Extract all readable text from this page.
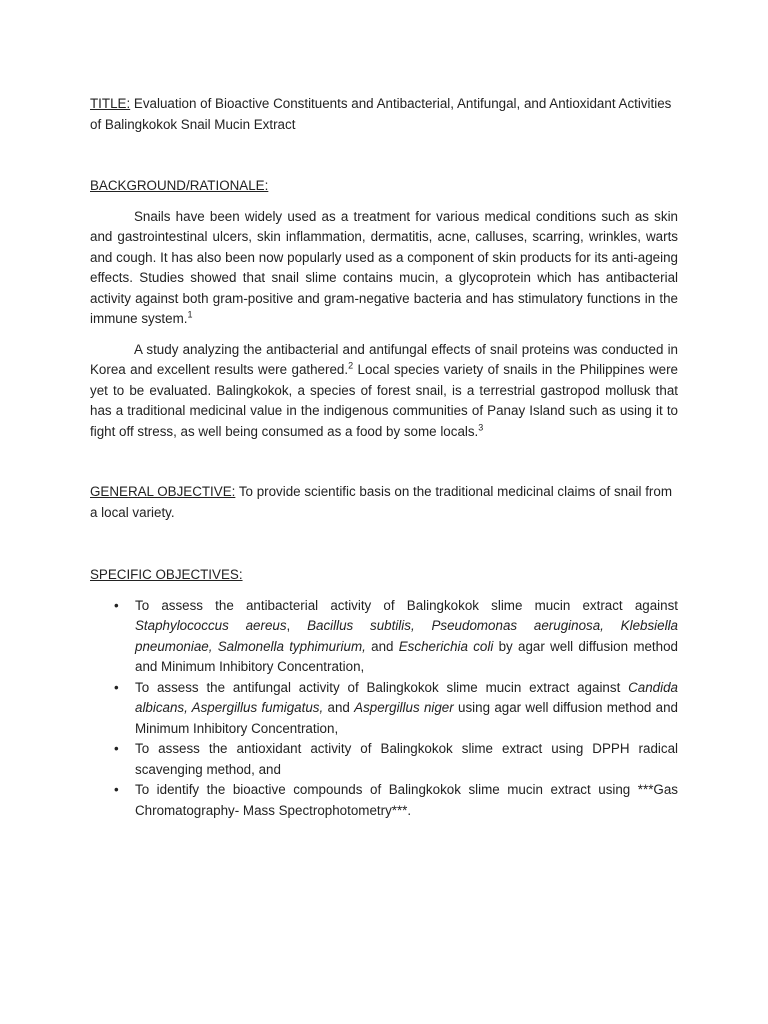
TITLE: Evaluation of Bioactive Constituents and Antibacterial, Antifungal, and Antioxidant Activities of Balingkokok Snail Mucin Extract

BACKGROUND/RATIONALE:

Snails have been widely used as a treatment for various medical conditions such as skin and gastrointestinal ulcers, skin inflammation, dermatitis, acne, calluses, scarring, wrinkles, warts and cough. It has also been now popularly used as a component of skin products for its anti-ageing effects. Studies showed that snail slime contains mucin, a glycoprotein which has antibacterial activity against both gram-positive and gram-negative bacteria and has stimulatory functions in the immune system.$^1$

A study analyzing the antibacterial and antifungal effects of snail proteins was conducted in Korea and excellent results were gathered.$^2$ Local species variety of snails in the Philippines were yet to be evaluated. Balingkokok, a species of forest snail, is a terrestrial gastropod mollusk that has a traditional medicinal value in the indigenous communities of Panay Island such as using it to fight off stress, as well being consumed as a food by some locals.$^3$

GENERAL OBJECTIVE: To provide scientific basis on the traditional medicinal claims of snail from a local variety.

SPECIFIC OBJECTIVES:

• To assess the antibacterial activity of Balingkokok slime mucin extract against Staphylococcus aereus, Bacillus subtilis, Pseudomonas aeruginosa, Klebsiella pneumoniae, Salmonella typhimurium, and Escherichia coli by agar well diffusion method and Minimum Inhibitory Concentration,
• To assess the antifungal activity of Balingkokok slime mucin extract against Candida albicans, Aspergillus fumigatus, and Aspergillus niger using agar well diffusion method and Minimum Inhibitory Concentration,
• To assess the antioxidant activity of Balingkokok slime extract using DPPH radical scavenging method, and
• To identify the bioactive compounds of Balingkokok slime mucin extract using ***Gas Chromatography- Mass Spectrophotometry***.
